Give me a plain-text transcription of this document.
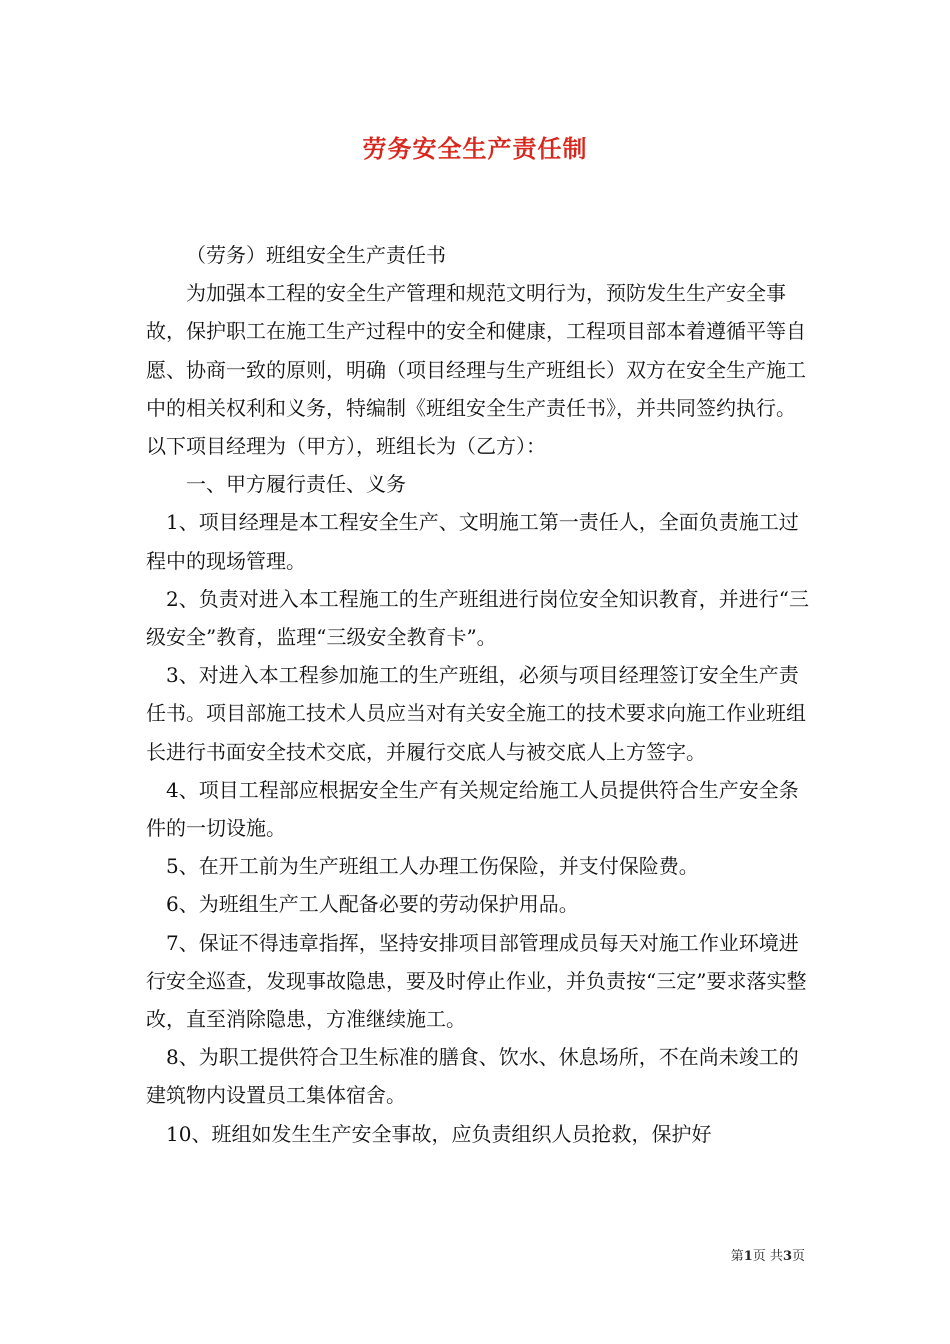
劳务安全生产责任制

（劳务）班组安全生产责任书

为加强本工程的安全生产管理和规范文明行为，预防发生生产安全事故，保护职工在施工生产过程中的安全和健康，工程项目部本着遵循平等自愿、协商一致的原则，明确（项目经理与生产班组长）双方在安全生产施工中的相关权利和义务，特编制《班组安全生产责任书》，并共同签约执行。以下项目经理为（甲方），班组长为（乙方）：

一、甲方履行责任、义务

1、项目经理是本工程安全生产、文明施工第一责任人，全面负责施工过程中的现场管理。

2、负责对进入本工程施工的生产班组进行岗位安全知识教育，并进行“三级安全”教育，监理“三级安全教育卡”。

3、对进入本工程参加施工的生产班组，必须与项目经理签订安全生产责任书。项目部施工技术人员应当对有关安全施工的技术要求向施工作业班组长进行书面安全技术交底，并履行交底人与被交底人上方签字。

4、项目工程部应根据安全生产有关规定给施工人员提供符合生产安全条件的一切设施。

5、在开工前为生产班组工人办理工伤保险，并支付保险费。

6、为班组生产工人配备必要的劳动保护用品。

7、保证不得违章指挥，坚持安排项目部管理成员每天对施工作业环境进行安全巡查，发现事故隐患，要及时停止作业，并负责按“三定”要求落实整改，直至消除隐患，方准继续施工。

8、为职工提供符合卫生标准的膳食、饮水、休息场所，不在尚未竣工的建筑物内设置员工集体宿舍。

10、班组如发生生产安全事故，应负责组织人员抢救，保护好

第1页 共3页
